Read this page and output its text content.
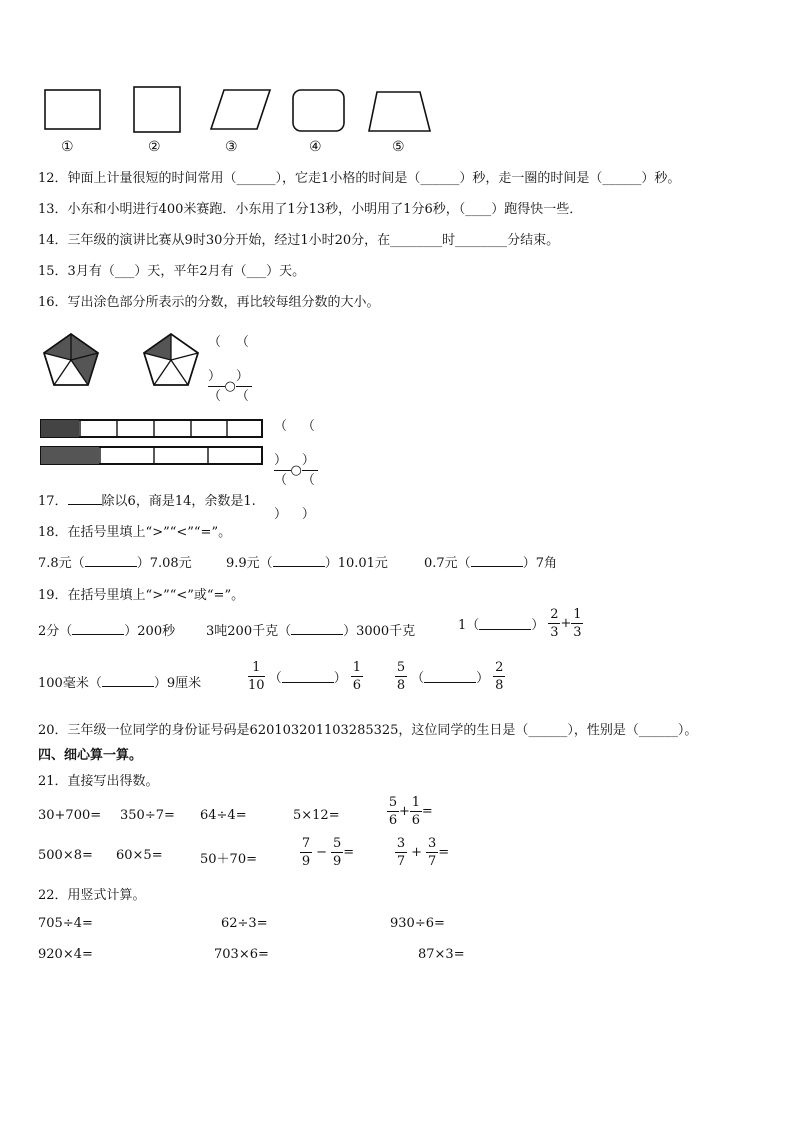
①	②	③	④	⑤
12．钟面上计量很短的时间常用（______），它走1小格的时间是（______）秒，走一圈的时间是（______）秒。
13．小东和小明进行400米赛跑．小东用了1分13秒，小明用了1分6秒，（____）跑得快一些．
14．三年级的演讲比赛从9时30分开始，经过1小时20分，在________时________分结束。
15．3月有（___）天，平年2月有（___）天。
16．写出涂色部分所表示的分数，再比较每组分数的大小。
（

）
（

○
（

）
（

（

）
（

）
○
（

）
（

）
17．	除以6，商是14，余数是1.
18．在括号里填上“>”“<”“=”。
7.8元（	）7.08元	9.9元（	）10.01元	0.7元（	）7角
19．在括号里填上“>”“<”或“=”。
2分（	）200秒 3吨200千克（	）3000千克	1（	） $\frac{2}{3} + \frac{1}{3}$
100毫米（	）9厘米	$\frac{1}{10}$ （	） $\frac{1}{6} \frac{5}{8}$ （	） $\frac{2}{8}$
20．三年级一位同学的身份证号码是620103201103285325，这位同学的生日是（______），性别是（______）。
四、细心算一算。
21．直接写出得数。
30+700= 350÷7= 64÷4=	5×12=	$\frac{5}{6} + \frac{1}{6}$ =
500×8= 60×5=	50＋70=	$\frac{7}{9} - \frac{5}{9}$ =	$\frac{3}{7} + \frac{3}{7}$ =
22．用竖式计算。
705÷4=	62÷3=	930÷6=
920×4=	703×6=	87×3=
